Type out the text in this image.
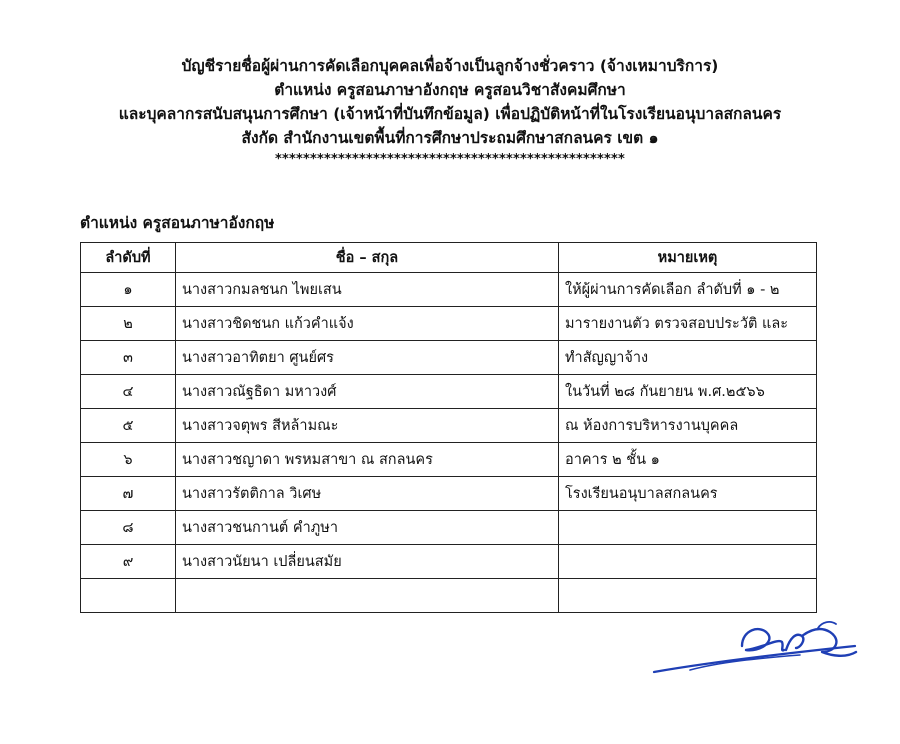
บัญชีรายชื่อผู้ผ่านการคัดเลือกบุคคลเพื่อจ้างเป็นลูกจ้างชั่วคราว (จ้างเหมาบริการ)
ตำแหน่ง ครูสอนภาษาอังกฤษ ครูสอนวิชาสังคมศึกษา
และบุคลากรสนับสนุนการศึกษา (เจ้าหน้าที่บันทึกข้อมูล) เพื่อปฏิบัติหน้าที่ในโรงเรียนอนุบาลสกลนคร
สังกัด สำนักงานเขตพื้นที่การศึกษาประถมศึกษาสกลนคร เขต ๑
**************************************************
ตำแหน่ง ครูสอนภาษาอังกฤษ
ลำดับที่	ชื่อ – สกุล	หมายเหตุ
๑	นางสาวกมลชนก ไพยเสน	ให้ผู้ผ่านการคัดเลือก ลำดับที่ ๑ - ๒
๒	นางสาวชิดชนก แก้วคำแจ้ง	มารายงานตัว ตรวจสอบประวัติ และ
๓	นางสาวอาทิตยา ศูนย์ศร	ทำสัญญาจ้าง
๔	นางสาวณัฐธิดา มหาวงศ์	ในวันที่ ๒๘ กันยายน พ.ศ.๒๕๖๖
๕	นางสาวจตุพร สีหล้ามณะ	ณ ห้องการบริหารงานบุคคล
๖	นางสาวชญาดา พรหมสาขา ณ สกลนคร	อาคาร ๒ ชั้น ๑
๗	นางสาวรัตติกาล วิเศษ	โรงเรียนอนุบาลสกลนคร
๘	นางสาวชนกานต์ คำภูษา	
๙	นางสาวนัยนา เปลี่ยนสมัย	
